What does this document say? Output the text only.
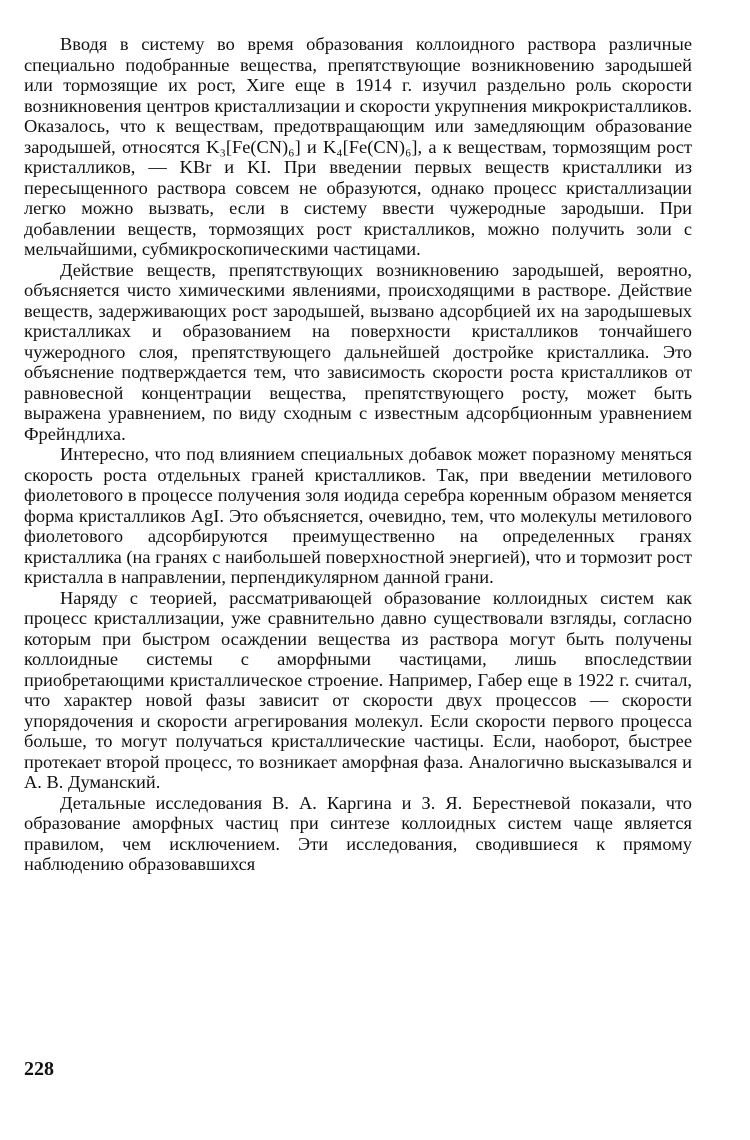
Вводя в систему во время образования коллоидного раствора различные специально подобранные вещества, препятствующие возникновению зародышей или тормозящие их рост, Хиге еще в 1914 г. изучил раздельно роль скорости возникновения центров кристаллизации и скорости укрупнения микрокристалликов. Оказалось, что к веществам, предотвращающим или замедляющим образование зародышей, относятся K₃[Fe(CN)₆] и K₄[Fe(CN)₆], а к веществам, тормозящим рост кристалликов, — KBr и KI. При введении первых веществ кристаллики из пересыщенного раствора совсем не образуются, однако процесс кристаллизации легко можно вызвать, если в систему ввести чужеродные зародыши. При добавлении веществ, тормозящих рост кристалликов, можно получить золи с мельчайшими, субмикроскопическими частицами.

Действие веществ, препятствующих возникновению зародышей, вероятно, объясняется чисто химическими явлениями, происходящими в растворе. Действие веществ, задерживающих рост зародышей, вызвано адсорбцией их на зародышевых кристалликах и образованием на поверхности кристалликов тончайшего чужеродного слоя, препятствующего дальнейшей достройке кристаллика. Это объяснение подтверждается тем, что зависимость скорости роста кристалликов от равновесной концентрации вещества, препятствующего росту, может быть выражена уравнением, по виду сходным с известным адсорбционным уравнением Фрейндлиха.

Интересно, что под влиянием специальных добавок может поразному меняться скорость роста отдельных граней кристалликов. Так, при введении метилового фиолетового в процессе получения золя иодида серебра коренным образом меняется форма кристалликов AgI. Это объясняется, очевидно, тем, что молекулы метилового фиолетового адсорбируются преимущественно на определенных гранях кристаллика (на гранях с наибольшей поверхностной энергией), что и тормозит рост кристалла в направлении, перпендикулярном данной грани.

Наряду с теорией, рассматривающей образование коллоидных систем как процесс кристаллизации, уже сравнительно давно существовали взгляды, согласно которым при быстром осаждении вещества из раствора могут быть получены коллоидные системы с аморфными частицами, лишь впоследствии приобретающими кристаллическое строение. Например, Габер еще в 1922 г. считал, что характер новой фазы зависит от скорости двух процессов — скорости упорядочения и скорости агрегирования молекул. Если скорости первого процесса больше, то могут получаться кристаллические частицы. Если, наоборот, быстрее протекает второй процесс, то возникает аморфная фаза. Аналогично высказывался и А. В. Думанский.

Детальные исследования В. А. Каргина и З. Я. Берестневой показали, что образование аморфных частиц при синтезе коллоидных систем чаще является правилом, чем исключением. Эти исследования, сводившиеся к прямому наблюдению образовавшихся

228
